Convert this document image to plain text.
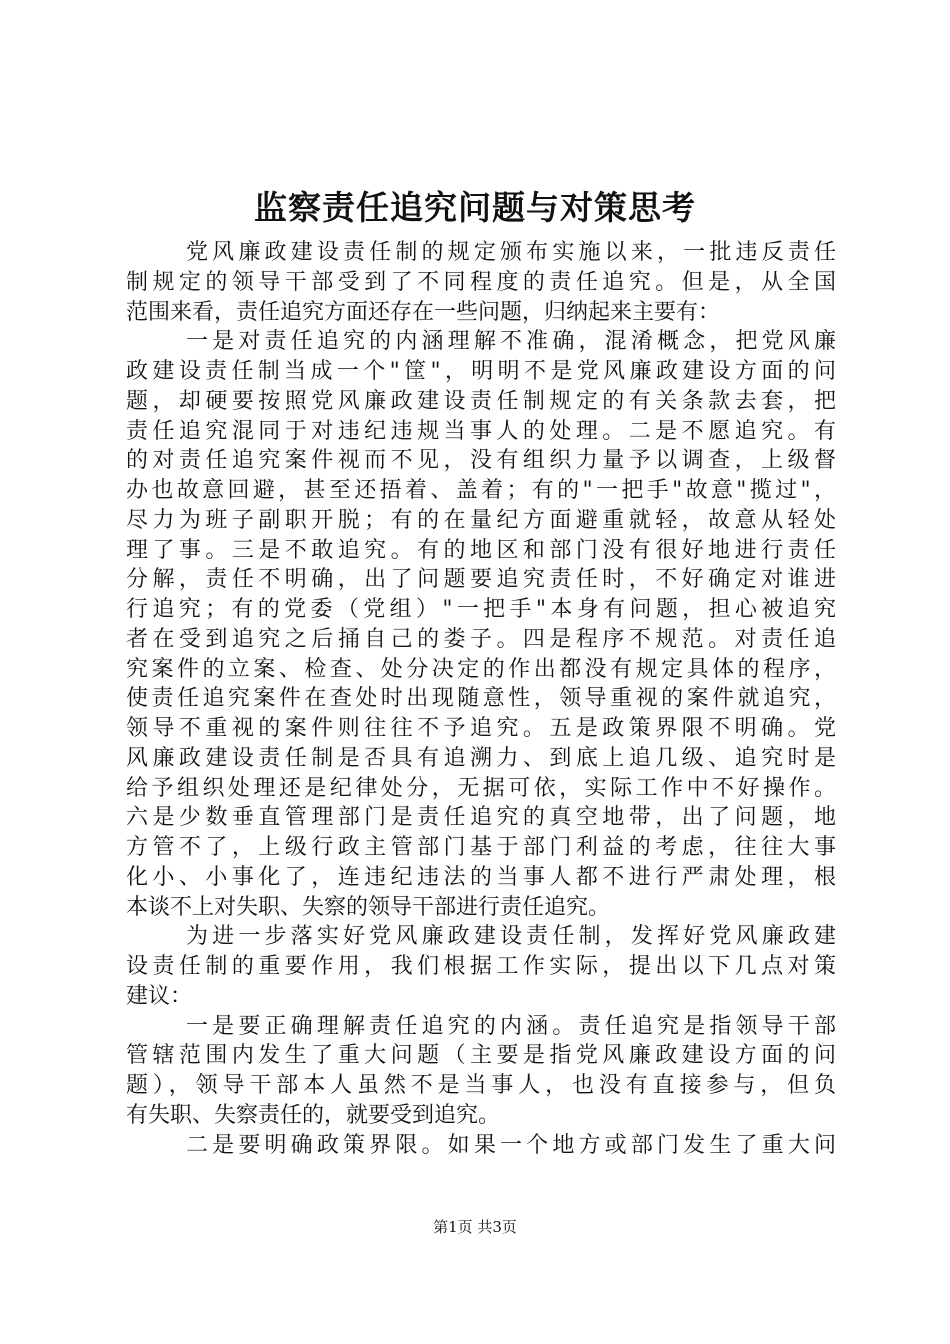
监察责任追究问题与对策思考
党风廉政建设责任制的规定颁布实施以来，一批违反责任
制规定的领导干部受到了不同程度的责任追究。但是，从全国
范围来看，责任追究方面还存在一些问题，归纳起来主要有：
一是对责任追究的内涵理解不准确，混淆概念，把党风廉
政建设责任制当成一个"筐"，明明不是党风廉政建设方面的问
题，却硬要按照党风廉政建设责任制规定的有关条款去套，把
责任追究混同于对违纪违规当事人的处理。二是不愿追究。有
的对责任追究案件视而不见，没有组织力量予以调查，上级督
办也故意回避，甚至还捂着、盖着；有的"一把手"故意"揽过"，
尽力为班子副职开脱；有的在量纪方面避重就轻，故意从轻处
理了事。三是不敢追究。有的地区和部门没有很好地进行责任
分解，责任不明确，出了问题要追究责任时，不好确定对谁进
行追究；有的党委（党组）"一把手"本身有问题，担心被追究
者在受到追究之后捅自己的娄子。四是程序不规范。对责任追
究案件的立案、检查、处分决定的作出都没有规定具体的程序，
使责任追究案件在查处时出现随意性，领导重视的案件就追究，
领导不重视的案件则往往不予追究。五是政策界限不明确。党
风廉政建设责任制是否具有追溯力、到底上追几级、追究时是
给予组织处理还是纪律处分，无据可依，实际工作中不好操作。
六是少数垂直管理部门是责任追究的真空地带，出了问题，地
方管不了，上级行政主管部门基于部门利益的考虑，往往大事
化小、小事化了，连违纪违法的当事人都不进行严肃处理，根
本谈不上对失职、失察的领导干部进行责任追究。
为进一步落实好党风廉政建设责任制，发挥好党风廉政建
设责任制的重要作用，我们根据工作实际，提出以下几点对策
建议：
一是要正确理解责任追究的内涵。责任追究是指领导干部
管辖范围内发生了重大问题（主要是指党风廉政建设方面的问
题），领导干部本人虽然不是当事人，也没有直接参与，但负
有失职、失察责任的，就要受到追究。
二是要明确政策界限。如果一个地方或部门发生了重大问
第1页 共3页
